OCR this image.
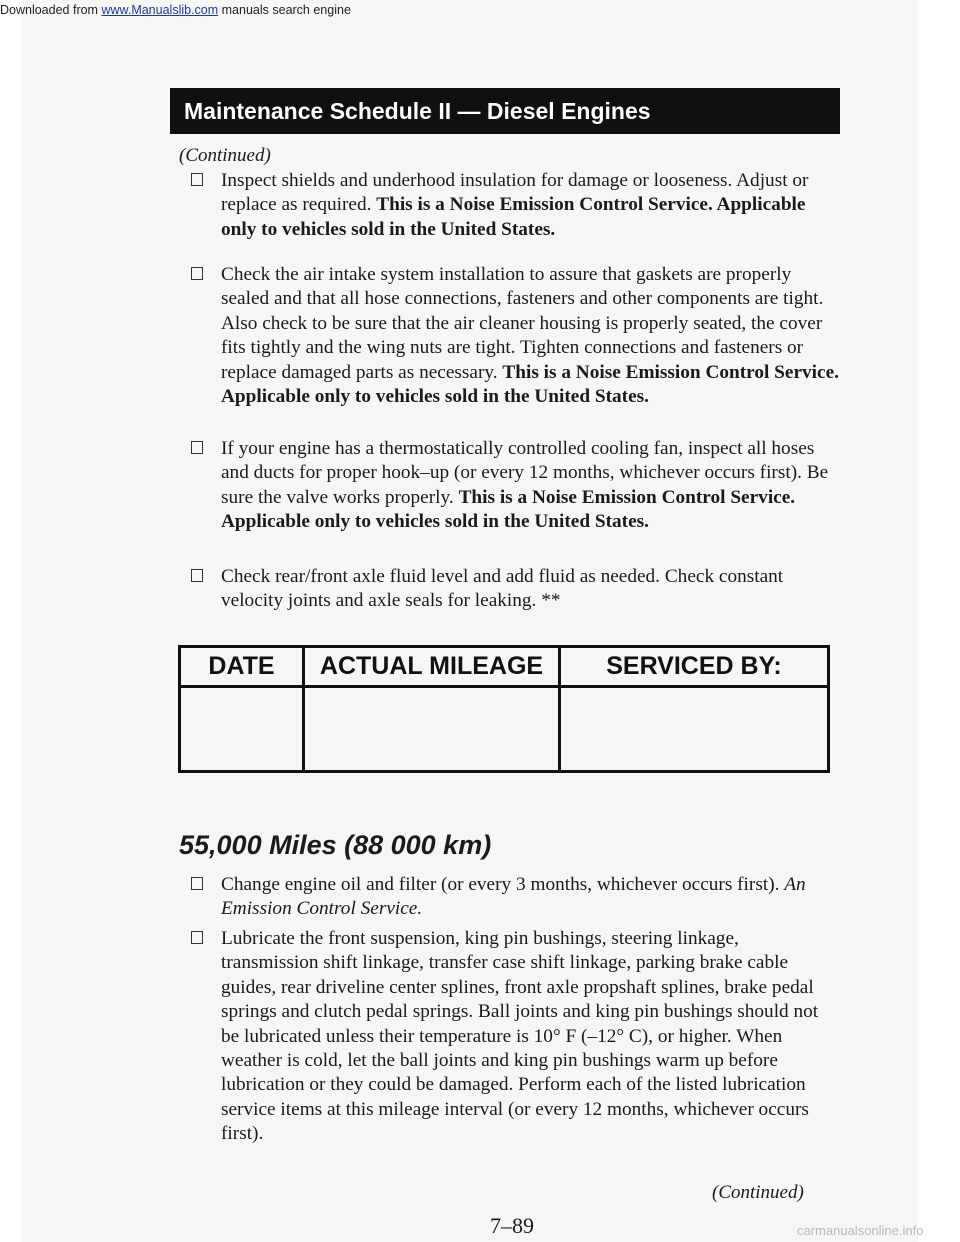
Maintenance Schedule II — Diesel Engines
(Continued)
Inspect shields and underhood insulation for damage or looseness. Adjust or replace as required. This is a Noise Emission Control Service. Applicable only to vehicles sold in the United States.
Check the air intake system installation to assure that gaskets are properly sealed and that all hose connections, fasteners and other components are tight. Also check to be sure that the air cleaner housing is properly seated, the cover fits tightly and the wing nuts are tight. Tighten connections and fasteners or replace damaged parts as necessary. This is a Noise Emission Control Service. Applicable only to vehicles sold in the United States.
If your engine has a thermostatically controlled cooling fan, inspect all hoses and ducts for proper hook–up (or every 12 months, whichever occurs first). Be sure the valve works properly. This is a Noise Emission Control Service. Applicable only to vehicles sold in the United States.
Check rear/front axle fluid level and add fluid as needed. Check constant velocity joints and axle seals for leaking. **
DATE	ACTUAL MILEAGE	SERVICED BY:
55,000 Miles (88 000 km)
Change engine oil and filter (or every 3 months, whichever occurs first). An Emission Control Service.
Lubricate the front suspension, king pin bushings, steering linkage, transmission shift linkage, transfer case shift linkage, parking brake cable guides, rear driveline center splines, front axle propshaft splines, brake pedal springs and clutch pedal springs. Ball joints and king pin bushings should not be lubricated unless their temperature is 10° F (–12° C), or higher. When weather is cold, let the ball joints and king pin bushings warm up before lubrication or they could be damaged. Perform each of the listed lubrication service items at this mileage interval (or every 12 months, whichever occurs first).
(Continued)
7–89
Downloaded from www.Manualslib.com manuals search engine
carmanualsonline.info
